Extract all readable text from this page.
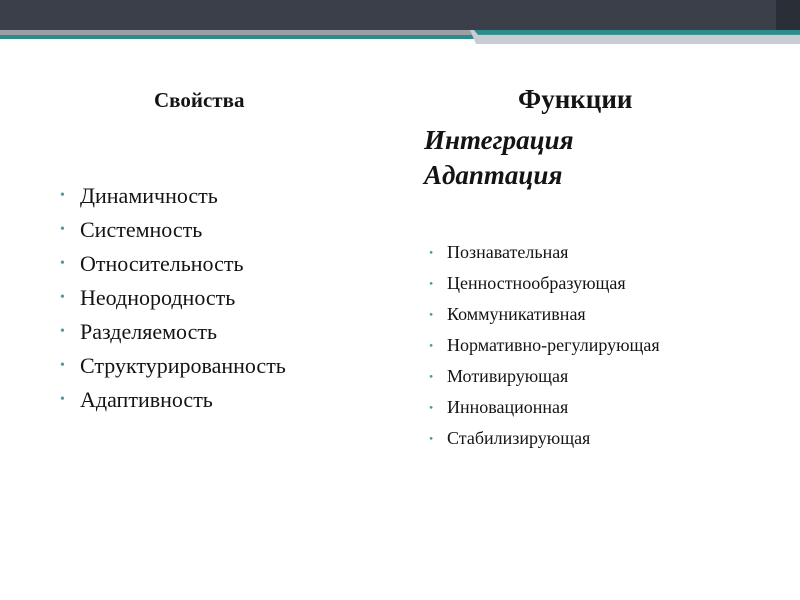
Свойства
• Динамичность
• Системность
• Относительность
• Неоднородность
• Разделяемость
• Структурированность
• Адаптивность
Функции

Интеграция

Адаптация

• Познавательная
• Ценностнообразующая
• Коммуникативная
• Нормативно-регулирующая
• Мотивирующая
• Инновационная
• Стабилизирующая
